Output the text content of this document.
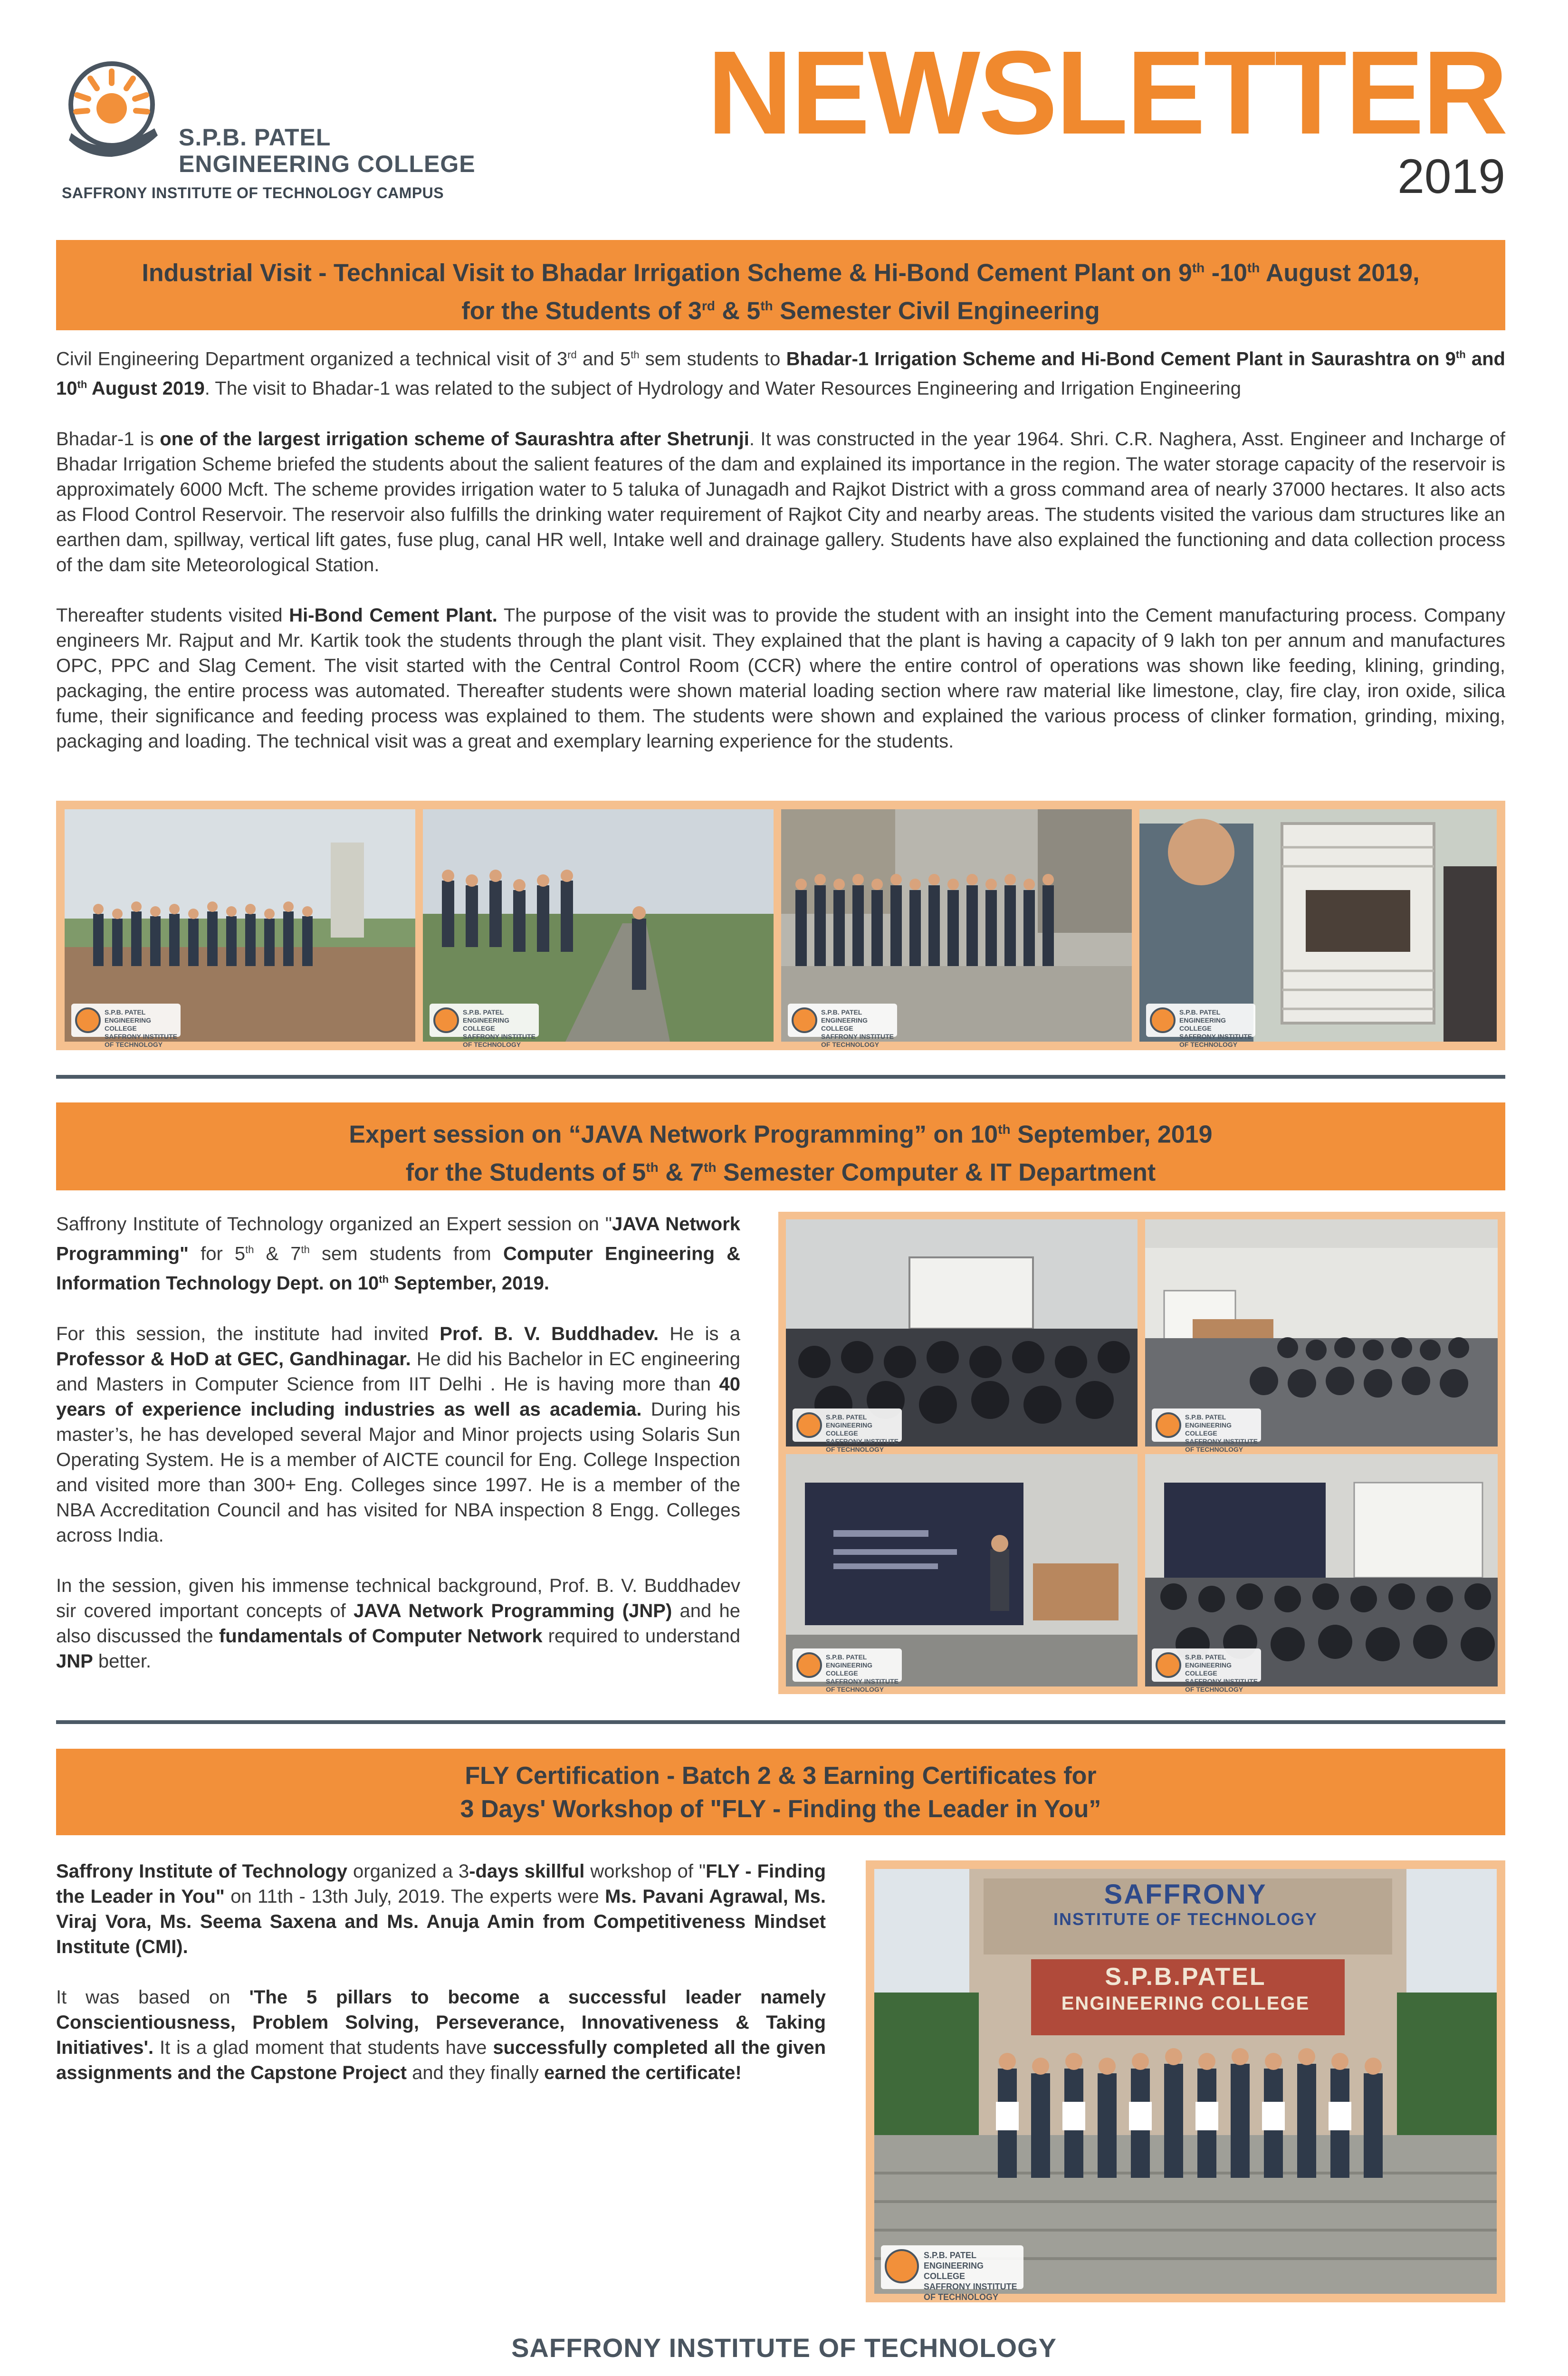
S.P.B. PATEL
ENGINEERING COLLEGE
SAFFRONY INSTITUTE OF TECHNOLOGY CAMPUS
NEWSLETTER
2019
Industrial Visit - Technical Visit to Bhadar Irrigation Scheme & Hi-Bond Cement Plant on 9th -10th August 2019,
for the Students of 3rd & 5th Semester Civil Engineering

Civil Engineering Department organized a technical visit of 3rd and 5th sem students to Bhadar-1 Irrigation Scheme and Hi-Bond Cement Plant in Saurashtra on 9th and 10th August 2019. The visit to Bhadar-1 was related to the subject of Hydrology and Water Resources Engineering and Irrigation Engineering

Bhadar-1 is one of the largest irrigation scheme of Saurashtra after Shetrunji. It was constructed in the year 1964. Shri. C.R. Naghera, Asst. Engineer and Incharge of Bhadar Irrigation Scheme briefed the students about the salient features of the dam and explained its importance in the region. The water storage capacity of the reservoir is approximately 6000 Mcft. The scheme provides irrigation water to 5 taluka of Junagadh and Rajkot District with a gross command area of nearly 37000 hectares. It also acts as Flood Control Reservoir. The reservoir also fulfills the drinking water requirement of Rajkot City and nearby areas. The students visited the various dam structures like an earthen dam, spillway, vertical lift gates, fuse plug, canal HR well, Intake well and drainage gallery. Students have also explained the functioning and data collection process of the dam site Meteorological Station.

Thereafter students visited Hi-Bond Cement Plant. The purpose of the visit was to provide the student with an insight into the Cement manufacturing process. Company engineers Mr. Rajput and Mr. Kartik took the students through the plant visit. They explained that the plant is having a capacity of 9 lakh ton per annum and manufactures OPC, PPC and Slag Cement. The visit started with the Central Control Room (CCR) where the entire control of operations was shown like feeding, klining, grinding, packaging, the entire process was automated. Thereafter students were shown material loading section where raw material like limestone, clay, fire clay, iron oxide, silica fume, their significance and feeding process was explained to them. The students were shown and explained the various process of clinker formation, grinding, mixing, packaging and loading. The technical visit was a great and exemplary learning experience for the students.

S.P.B. PATEL
ENGINEERING COLLEGE
SAFFRONY INSTITUTE OF TECHNOLOGY
S.P.B. PATEL
ENGINEERING COLLEGE
SAFFRONY INSTITUTE OF TECHNOLOGY
S.P.B. PATEL
ENGINEERING COLLEGE
SAFFRONY INSTITUTE OF TECHNOLOGY
S.P.B. PATEL
ENGINEERING COLLEGE
SAFFRONY INSTITUTE OF TECHNOLOGY
Expert session on “JAVA Network Programming” on 10th September, 2019
for the Students of 5th & 7th Semester Computer & IT Department

Saffrony Institute of Technology organized an Expert session on "JAVA Network Programming" for 5th & 7th sem students from Computer Engineering & Information Technology Dept. on 10th September, 2019.

For this session, the institute had invited Prof. B. V. Buddhadev. He is a Professor & HoD at GEC, Gandhinagar. He did his Bachelor in EC engineering and Masters in Computer Science from IIT Delhi . He is having more than 40 years of experience including industries as well as academia. During his master’s, he has developed several Major and Minor projects using Solaris Sun Operating System. He is a member of AICTE council for Eng. College Inspection and visited more than 300+ Eng. Colleges since 1997. He is a member of the NBA Accreditation Council and has visited for NBA inspection 8 Engg. Colleges across India.

In the session, given his immense technical background, Prof. B. V. Buddhadev sir covered important concepts of JAVA Network Programming (JNP) and he also discussed the fundamentals of Computer Network required to understand JNP better.

S.P.B. PATEL
ENGINEERING COLLEGE
SAFFRONY INSTITUTE OF TECHNOLOGY
S.P.B. PATEL
ENGINEERING COLLEGE
SAFFRONY INSTITUTE OF TECHNOLOGY
S.P.B. PATEL
ENGINEERING COLLEGE
SAFFRONY INSTITUTE OF TECHNOLOGY
S.P.B. PATEL
ENGINEERING COLLEGE
SAFFRONY INSTITUTE OF TECHNOLOGY
FLY Certification - Batch 2 & 3 Earning Certificates for
3 Days' Workshop of "FLY - Finding the Leader in You”

Saffrony Institute of Technology organized a 3-days skillful workshop of "FLY - Finding the Leader in You" on 11th - 13th July, 2019. The experts were Ms. Pavani Agrawal, Ms. Viraj Vora, Ms. Seema Saxena and Ms. Anuja Amin from Competitiveness Mindset Institute (CMI).

It was based on 'The 5 pillars to become a successful leader namely Conscientiousness, Problem Solving, Perseverance, Innovativeness & Taking Initiatives'. It is a glad moment that students have successfully completed all the given assignments and the Capstone Project and they finally earned the certificate!

SAFFRONY
INSTITUTE OF TECHNOLOGY
S.P.B.PATEL
ENGINEERING COLLEGE
S.P.B. PATEL
ENGINEERING COLLEGE
SAFFRONY INSTITUTE OF TECHNOLOGY
SAFFRONY INSTITUTE OF TECHNOLOGY
